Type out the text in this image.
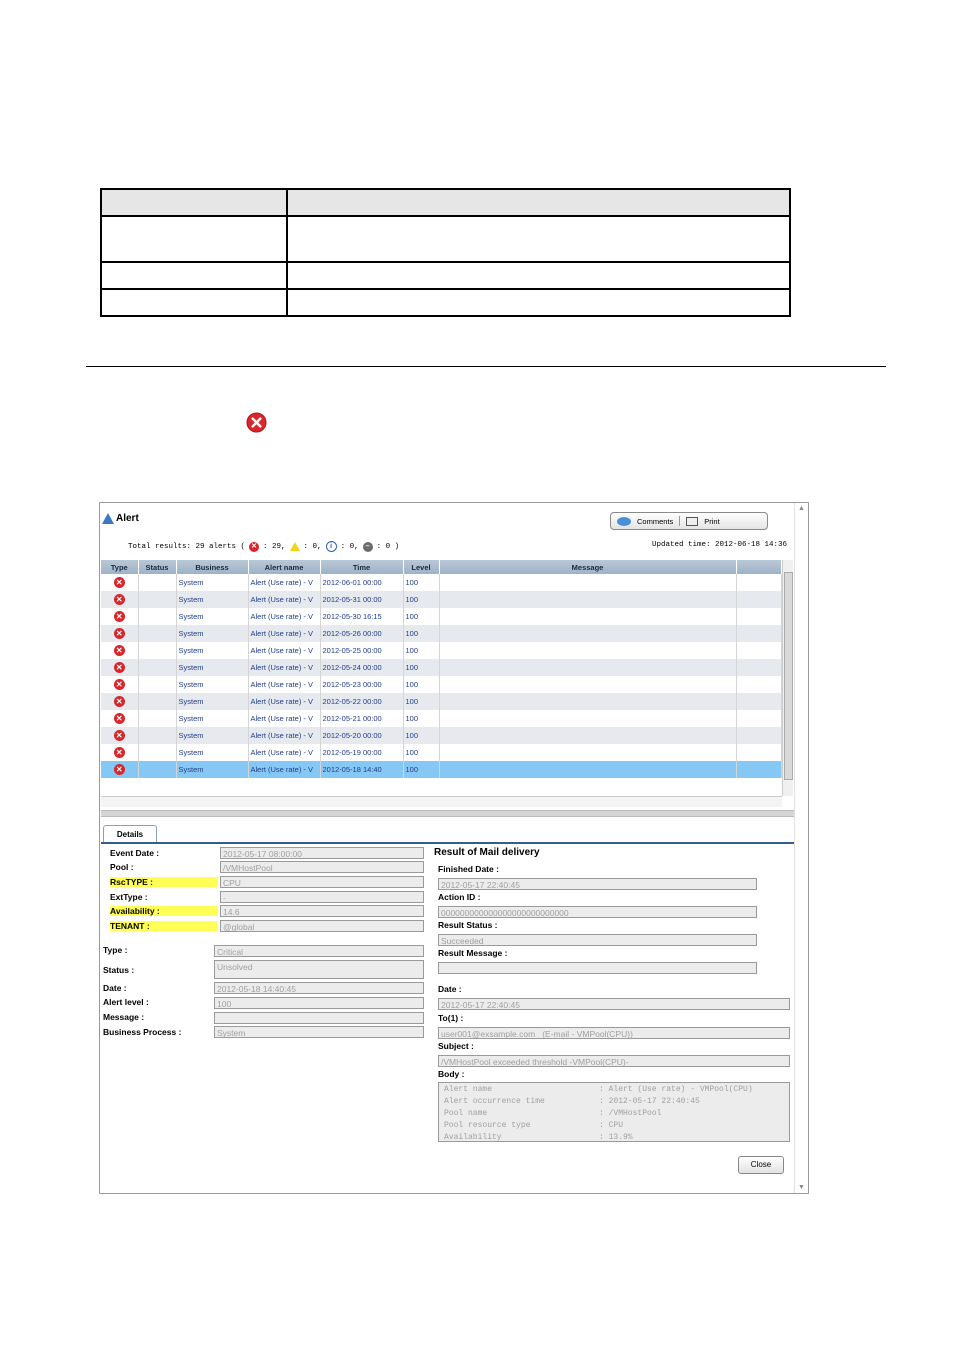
▲
▼
Alert	Comments	Print
Total results: 29 alerts ( ✕ : 29, : 0,	i	: 0,	– : 0 )	Updated time: 2012-06-18 14:36
Type	Status	Business	Alert name	Time	Level	Message	
✕		System	Alert (Use rate) - V	2012-06-01 00:00	100		
✕		System	Alert (Use rate) - V	2012-05-31 00:00	100		
✕		System	Alert (Use rate) - V	2012-05-30 16:15	100		
✕		System	Alert (Use rate) - V	2012-05-26 00:00	100		
✕		System	Alert (Use rate) - V	2012-05-25 00:00	100		
✕		System	Alert (Use rate) - V	2012-05-24 00:00	100		
✕		System	Alert (Use rate) - V	2012-05-23 00:00	100		
✕		System	Alert (Use rate) - V	2012-05-22 00:00	100		
✕		System	Alert (Use rate) - V	2012-05-21 00:00	100		
✕		System	Alert (Use rate) - V	2012-05-20 00:00	100		
✕		System	Alert (Use rate) - V	2012-05-19 00:00	100		
✕		System	Alert (Use rate) - V	2012-05-18 14:40	100		
Details
Event Date :	2012-05-17 08:00:00
Pool :	/VMHostPool
RscTYPE :	CPU
ExtType :	-
Availability :	14.6
TENANT :	@global
Type :	Critical
Status :	Unsolved
Date :	2012-05-18 14:40:45
Alert level :	100
Message :
Business Process :	System
Result of Mail delivery
Finished Date :
2012-05-17 22:40:45
Action ID :
000000000000000000000000000
Result Status :
Succeeded
Result Message :
Date :
2012-05-17 22:40:45
To(1) :
user001@exsample.com   (E-mail - VMPool(CPU))
Subject :
/VMHostPool exceeded threshold -VMPool(CPU)-
Body :
Alert name	: Alert (Use rate) - VMPool(CPU)
Alert occurrence time	: 2012-05-17 22:40:45
Pool name	: /VMHostPool
Pool resource type	: CPU
Availability	: 13.9%
Close
